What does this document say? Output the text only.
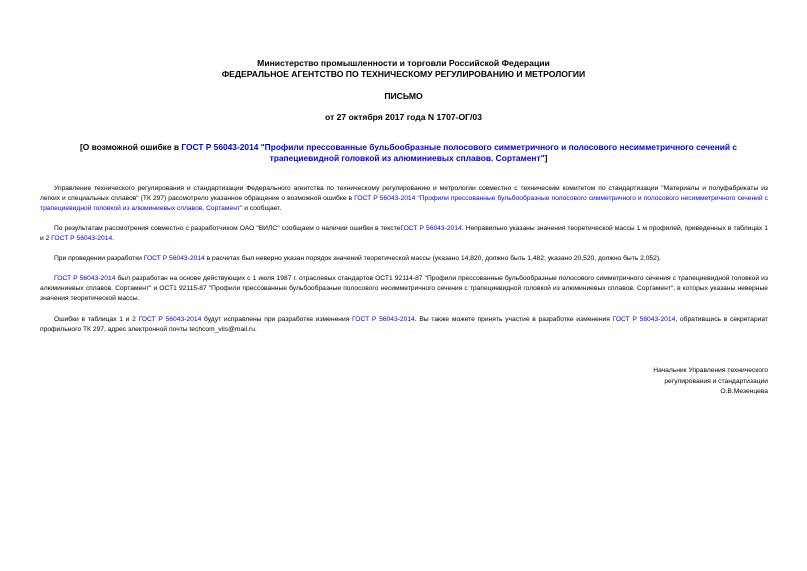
Министерство промышленности и торговли Российской Федерации
ФЕДЕРАЛЬНОЕ АГЕНТСТВО ПО ТЕХНИЧЕСКОМУ РЕГУЛИРОВАНИЮ И МЕТРОЛОГИИ
ПИСЬМО
от 27 октября 2017 года N 1707-ОГ/03
[О возможной ошибке в ГОСТ Р 56043-2014 "Профили прессованные бульбообразные полосового симметричного и полосового несимметричного сечений с трапециевидной головкой из алюминиевых сплавов. Сортамент"]
Управление технического регулирования и стандартизации Федерального агентства по техническому регулированию и метрологии совместно с техническим комитетом по стандартизации "Материалы и полуфабрикаты из легких и специальных сплавов" (ТК 297) рассмотрело указанное обращение о возможной ошибке в ГОСТ Р 56043-2014 "Профили прессованные бульбообразные полосового симметричного и полосового несимметричного сечений с трапециевидной головкой из алюминиевых сплавов. Сортамент" и сообщает.
По результатам рассмотрения совместно с разработчиком ОАО "ВИЛС" сообщаем о наличии ошибки в текстеГОСТ Р 56043-2014. Неправильно указаны значения теоретической массы 1 м профилей, приведенных в таблицах 1 и 2 ГОСТ Р 56043-2014.
При проведении разработки ГОСТ Р 56043-2014 в расчетах был неверно указан порядок значений теоретической массы (указано 14,820, должно быть 1,482; указано 20,520, должно быть 2,052).
ГОСТ Р 56043-2014 был разработан на основе действующих с 1 июля 1987 г. отраслевых стандартов ОСТ1 92114-87 "Профили прессованные бульбообразные полосового симметричного сечения с трапециевидной головкой из алюминиевых сплавов. Сортамент" и ОСТ1 92115-87 "Профили прессованные бульбообразные полосового несимметричного сечения с трапециевидной головкой из алюминиевых сплавов. Сортамент", в которых указаны неверные значения теоретической массы.
Ошибки в таблицах 1 и 2 ГОСТ Р 56043-2014 будут исправлены при разработке изменения ГОСТ Р 56043-2014. Вы также можете принять участие в разработке изменения ГОСТ Р 56043-2014, обратившись в секретариат профильного ТК 297, адрес электронной почты techcom_vils@mail.ru.
Начальник Управления технического
регулирования и стандартизации
О.В.Мезенцева
